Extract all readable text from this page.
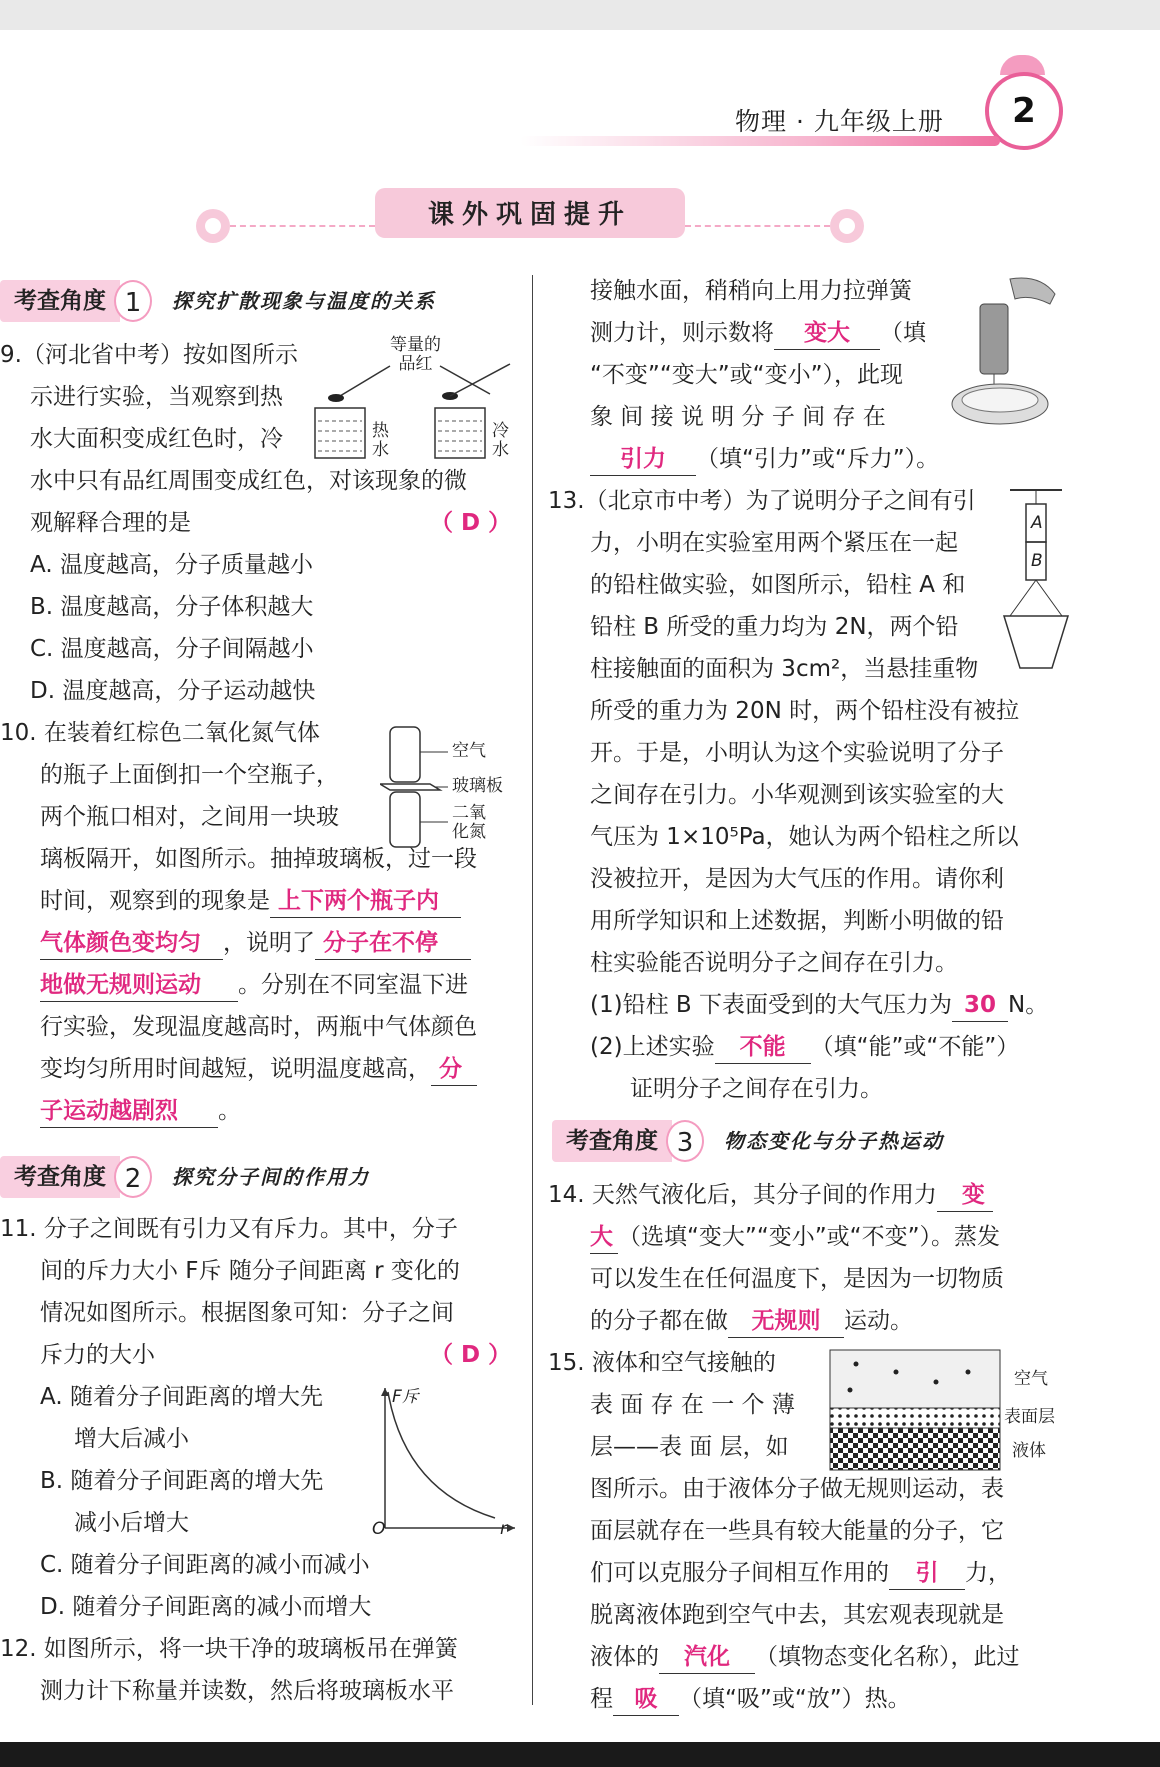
2
物理 · 九年级上册
课外巩固提升
考查角度 1 探究扩散现象与温度的关系
9.（河北省中考）按如图所示
示进行实验，当观察到热
水大面积变成红色时，冷
水中只有品红周围变成红色，对该现象的微
观解释合理的是	（ D ）
A. 温度越高，分子质量越小
B. 温度越高，分子体积越大
C. 温度越高，分子间隔越小
D. 温度越高，分子运动越快
10. 在装着红棕色二氧化氮气体
的瓶子上面倒扣一个空瓶子，
两个瓶口相对，之间用一块玻
璃板隔开，如图所示。抽掉玻璃板，过一段
时间，观察到的现象是 上下两个瓶子内
气体颜色变均匀 ，说明了 分子在不停
地做无规则运动 。分别在不同室温下进
行实验，发现温度越高时，两瓶中气体颜色
变均匀所用时间越短，说明温度越高， 分
子运动越剧烈 。
考查角度 2 探究分子间的作用力
11. 分子之间既有引力又有斥力。其中，分子
间的斥力大小 F斥 随分子间距离 r 变化的
情况如图所示。根据图象可知：分子之间
斥力的大小	（ D ）
A. 随着分子间距离的增大先
增大后减小
B. 随着分子间距离的增大先
减小后增大
C. 随着分子间距离的减小而减小
D. 随着分子间距离的减小而增大
12. 如图所示，将一块干净的玻璃板吊在弹簧
测力计下称量并读数，然后将玻璃板水平
接触水面，稍稍向上用力拉弹簧
测力计，则示数将 变大 （填
“不变”“变大”或“变小”），此现
象 间 接 说 明 分 子 间 存 在
引力 （填“引力”或“斥力”）。
13.（北京市中考）为了说明分子之间有引
力，小明在实验室用两个紧压在一起
的铅柱做实验，如图所示，铅柱 A 和
铅柱 B 所受的重力均为 2N，两个铅
柱接触面的面积为 3cm²，当悬挂重物
所受的重力为 20N 时，两个铅柱没有被拉
开。于是，小明认为这个实验说明了分子
之间存在引力。小华观测到该实验室的大
气压为 1×10⁵Pa，她认为两个铅柱之所以
没被拉开，是因为大气压的作用。请你利
用所学知识和上述数据，判断小明做的铅
柱实验能否说明分子之间存在引力。
(1)铅柱 B 下表面受到的大气压力为 30 N。
(2)上述实验 不能 （填“能”或“不能”）
证明分子之间存在引力。
考查角度 3 物态变化与分子热运动
14. 天然气液化后，其分子间的作用力 变
大 （选填“变大”“变小”或“不变”）。蒸发
可以发生在任何温度下，是因为一切物质
的分子都在做 无规则 运动。
15. 液体和空气接触的
表 面 存 在 一 个 薄
层——表 面 层，如
图所示。由于液体分子做无规则运动，表
面层就存在一些具有较大能量的分子，它
们可以克服分子间相互作用的 引 力，
脱离液体跑到空气中去，其宏观表现就是
液体的 汽化 （填物态变化名称），此过
程 吸 （填“吸”或“放”）热。
等量的
品红
热
水
冷
水
空气
玻璃板
二氧
化氮
F斥
O	r
A
B
空气
表面层
液体
